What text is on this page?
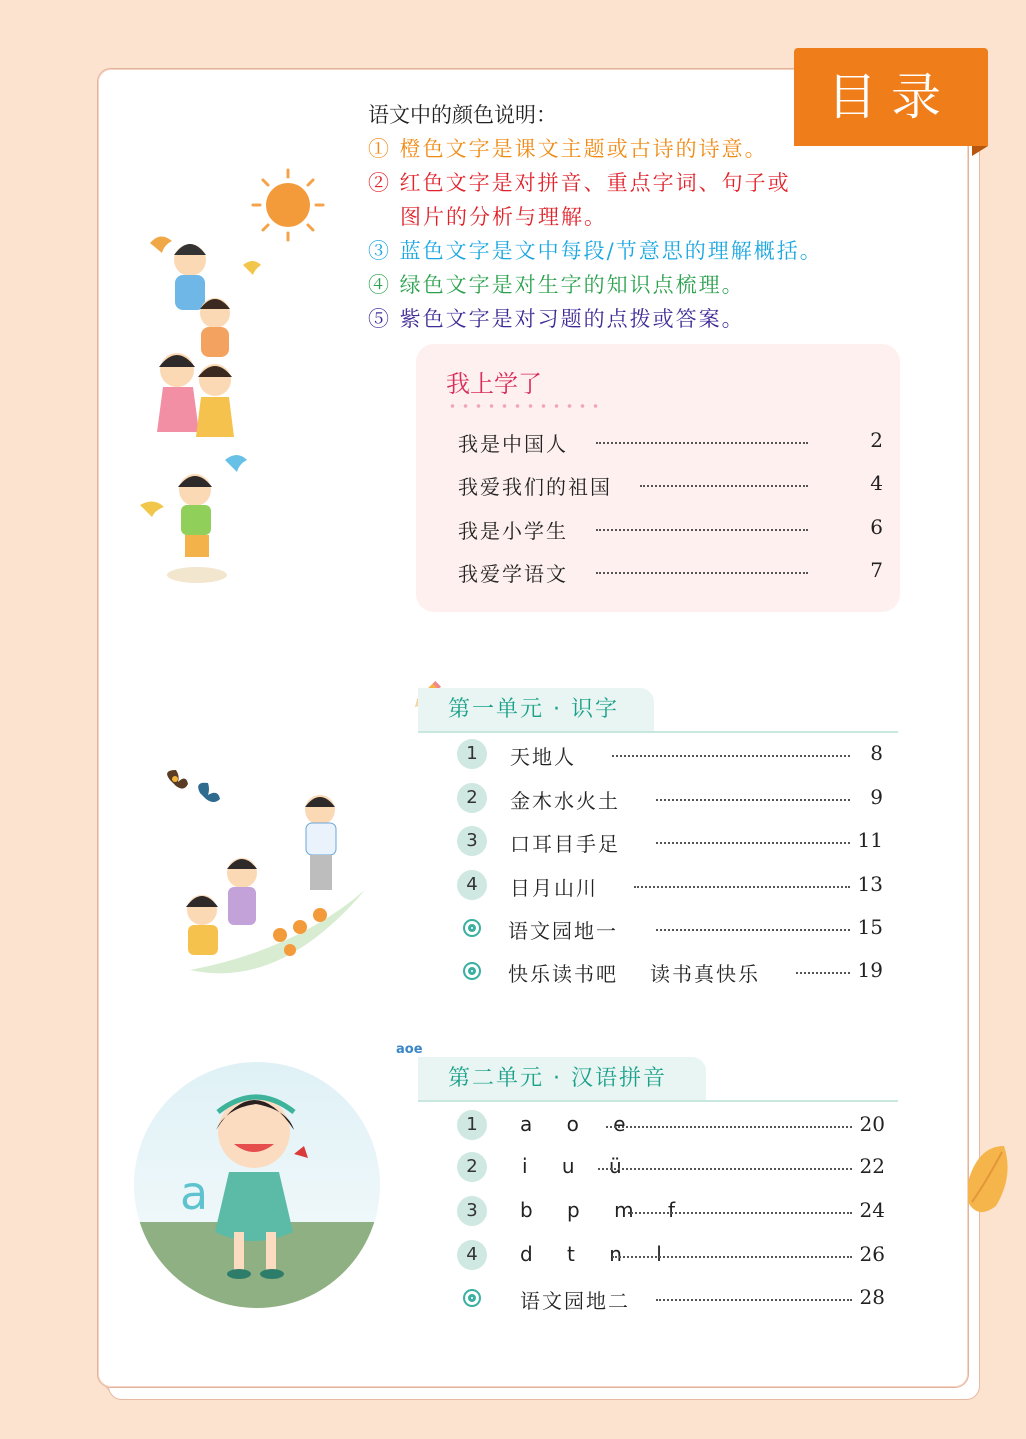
目录
语文中的颜色说明：
① 橙色文字是课文主题或古诗的诗意。
② 红色文字是对拼音、重点字词、句子或
图片的分析与理解。
③ 蓝色文字是文中每段/节意思的理解概括。
④ 绿色文字是对生字的知识点梳理。
⑤ 紫色文字是对习题的点拨或答案。
我上学了
我是中国人	2
我爱我们的祖国	4
我是小学生	6
我爱学语文	7
第一单元 · 识字
1	天地人	8
2	金木水火土	9
3	口耳目手足	11
4	日月山川	13
语文园地一	15
快乐读书吧 读书真快乐	19
aoe
第二单元 · 汉语拼音
1	a o e	20
2	i u ü	22
3	b p m f	24
4	d t n l	26
语文园地二	28
a
